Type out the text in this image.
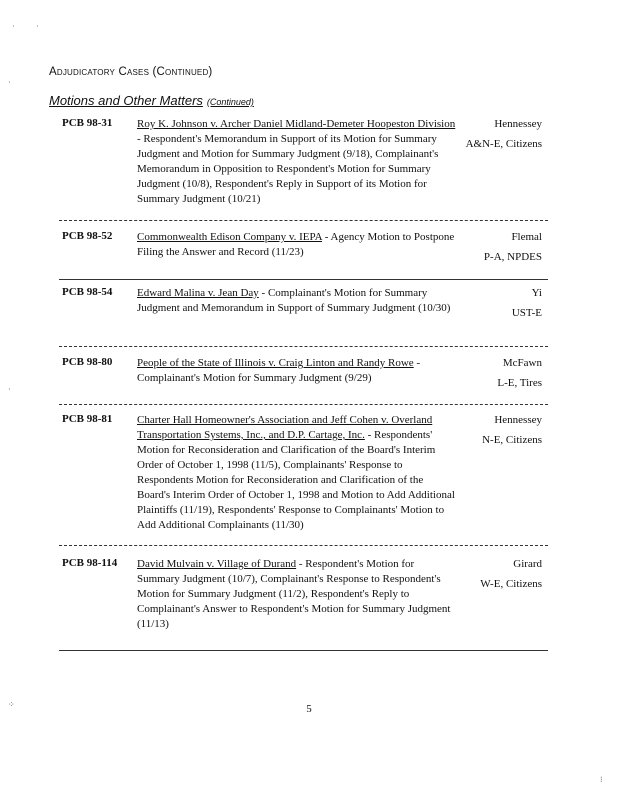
Adjudicatory Cases (Continued)
Motions and Other Matters (Continued)
PCB 98-31 Roy K. Johnson v. Archer Daniel Midland-Demeter Hoopeston Division - Respondent's Memorandum in Support of its Motion for Summary Judgment and Motion for Summary Judgment (9/18), Complainant's Memorandum in Opposition to Respondent's Motion for Summary Judgment (10/8), Respondent's Reply in Support of its Motion for Summary Judgment (10/21)
Hennessey
A&N-E, Citizens
PCB 98-52 Commonwealth Edison Company v. IEPA - Agency Motion to Postpone Filing the Answer and Record (11/23)
Flemal
P-A, NPDES
PCB 98-54 Edward Malina v. Jean Day - Complainant's Motion for Summary Judgment and Memorandum in Support of Summary Judgment (10/30)
Yi
UST-E
PCB 98-80 People of the State of Illinois v. Craig Linton and Randy Rowe - Complainant's Motion for Summary Judgment (9/29)
McFawn
L-E, Tires
PCB 98-81 Charter Hall Homeowner's Association and Jeff Cohen v. Overland Transportation Systems, Inc., and D.P. Cartage, Inc. - Respondents' Motion for Reconsideration and Clarification of the Board's Interim Order of October 1, 1998 (11/5), Complainants' Response to Respondents Motion for Reconsideration and Clarification of the Board's Interim Order of October 1, 1998 and Motion to Add Additional Plaintiffs (11/19), Respondents' Response to Complainants' Motion to Add Additional Complainants (11/30)
Hennessey
N-E, Citizens
PCB 98-114 David Mulvain v. Village of Durand - Respondent's Motion for Summary Judgment (10/7), Complainant's Response to Respondent's Motion for Summary Judgment (11/2), Respondent's Reply to Complainant's Answer to Respondent's Motion for Summary Judgment (11/13)
Girard
W-E, Citizens
5
·	·
·
·
⁘
⁝
